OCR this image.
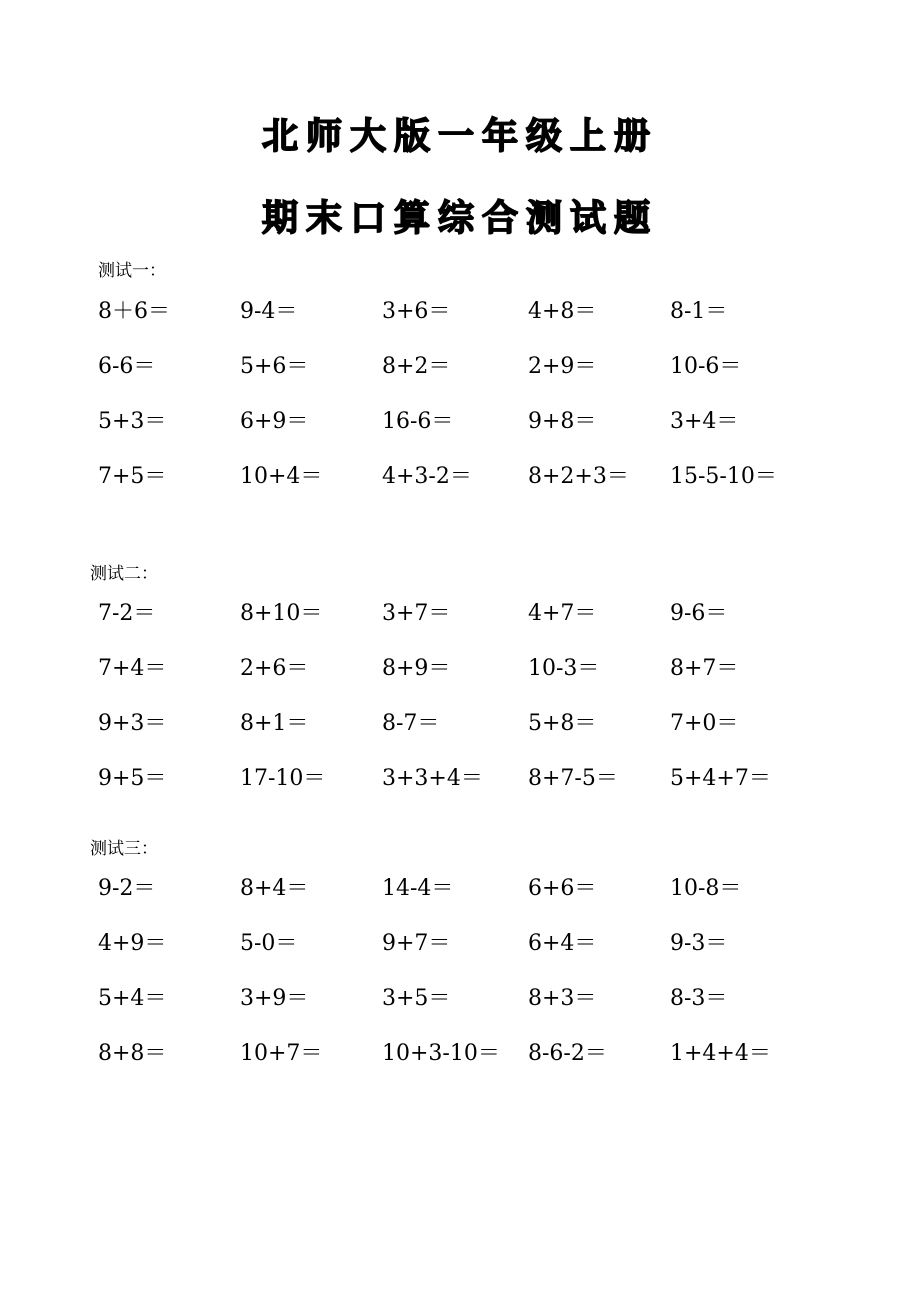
北师大版一年级上册
期末口算综合测试题
测试一：
8＋6＝	9-4＝	3+6＝	4+8＝	8-1＝
6-6＝	5+6＝	8+2＝	2+9＝	10-6＝
5+3＝	6+9＝	16-6＝	9+8＝	3+4＝
7+5＝	10+4＝	4+3-2＝	8+2+3＝ 15-5-10＝
测试二：
7-2＝	8+10＝	3+7＝	4+7＝	9-6＝
7+4＝	2+6＝	8+9＝	10-3＝	8+7＝
9+3＝	8+1＝	8-7＝	5+8＝	7+0＝
9+5＝	17-10＝	3+3+4＝ 8+7-5＝ 5+4+7＝
测试三：
9-2＝	8+4＝	14-4＝	6+6＝	10-8＝
4+9＝	5-0＝	9+7＝	6+4＝	9-3＝
5+4＝	3+9＝	3+5＝	8+3＝	8-3＝
8+8＝	10+7＝	10+3-10＝ 8-6-2＝	1+4+4＝
